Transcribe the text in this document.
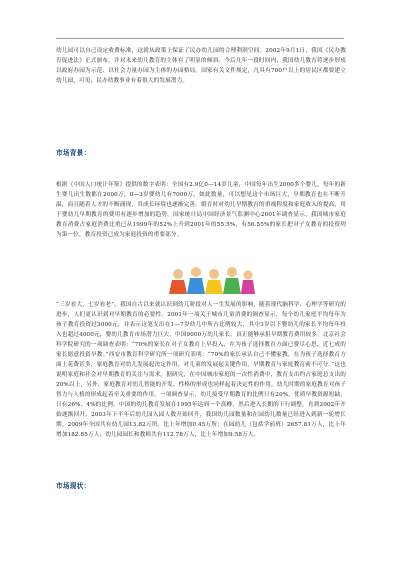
幼儿园可以自己设定收费标准，这就从政策上保证了民办幼儿园的合理利润空间。2002年9月1日，我国《民办教育促进法》正式颁布，并对未来幼儿教育的主体有了明显的倾斜。今后几年一段时间内，我国幼儿教育将逐步形成以政府办园为示范、以社会力量办园为主体的办园格局。国家有关文件规定，凡具有700户以上的居民区都要建立幼儿园，可见，民办幼教事业有着很大的发展潜力。

市场背景：

根据《中国人口统计年鉴》提供的数字表明：全国有2.9亿0—14岁儿童，中国每年出生2000多个婴儿，每年的新生婴儿出生数都在2000万，0—3岁婴幼儿有7000万，如此数量，可以想见这个市场巨大，早期教育也在不断升温，而且随着人才的不断涌现，其成长环境也逐渐完善。婚育时对幼儿早期教育的重视程度和家庭收入的提高，用于婴幼儿早期教育的费用有逐步增加的趋势。国家统计局中国经济景气监测中心2001年调查显示，我国城市家庭教育消费占家庭消费比重已从1999年的52%上升到2001年的55.5%，有56.55%的家长把对子女教育的投资列为第一位，教育投资已成为家庭投资的重要部分。

“三岁看大，七岁看老”，我国自古以来就认识到幼儿阶段对人一生发展的影响，随着现代脑科学、心理学等研究的进步，人们更认识到对早期教育的必要性。2001年一项关于城市儿童消费的调查显示，每个幼儿家庭平均每年为孩子教育投资过3000元，并表示这笔支出在1—7岁幼儿中所占比例较大，其中3岁以下婴幼儿的家长平均每年投入也超过4000元，婴幼儿教育市场潜力巨大，中国9000万幼儿家长，真正能够承担早期教育费用较多。北京社会科学院研究的一项调查表明：“70%的家长在对子女教育上早投入、在为孩子选择教育方面已费尽心思，近七成的家长愿意投资早教。”西安市教育科学研究所一项研究表明：“70%的家长承认自己不懂家教，在为孩子选择教育方面上花费甚多，家庭教育对幼儿发展起决定作用，对儿童的发展起关键作用，早期教育与家庭教育密不可分。”这也说明家庭和社会对早期教育的关注与需求。据研究，在中国城市家庭的一次性消费中，教育支出约占家庭总支出的20%以上，另外，家庭教育对幼儿智能的开发、性格的形成也同样起着决定性的作用。幼儿时期的家庭教育对孩子智力与人格的形成起着至关重要的作用，一项调查显示，幼儿接受早期教育的比例只有20%，优质早教资源短缺，只有26%、4%的比例。中国的幼儿教育发展在1995年达到一个高峰，然后进入长期的下行调整，直到2002年开始逐渐回升。2003年下半年后幼儿园入园人数开始回升，我国幼儿园数量和在园幼儿数量已经进入到新一轮增长期。2009年全国共有幼儿园13.82万所，比上年增加0.45万所；在园幼儿（包括学前班）2657.81万人，比上年增加182.85万人；幼儿园园长和教师共有112.78万人，比上年增加9.58万人。

市场现状：
